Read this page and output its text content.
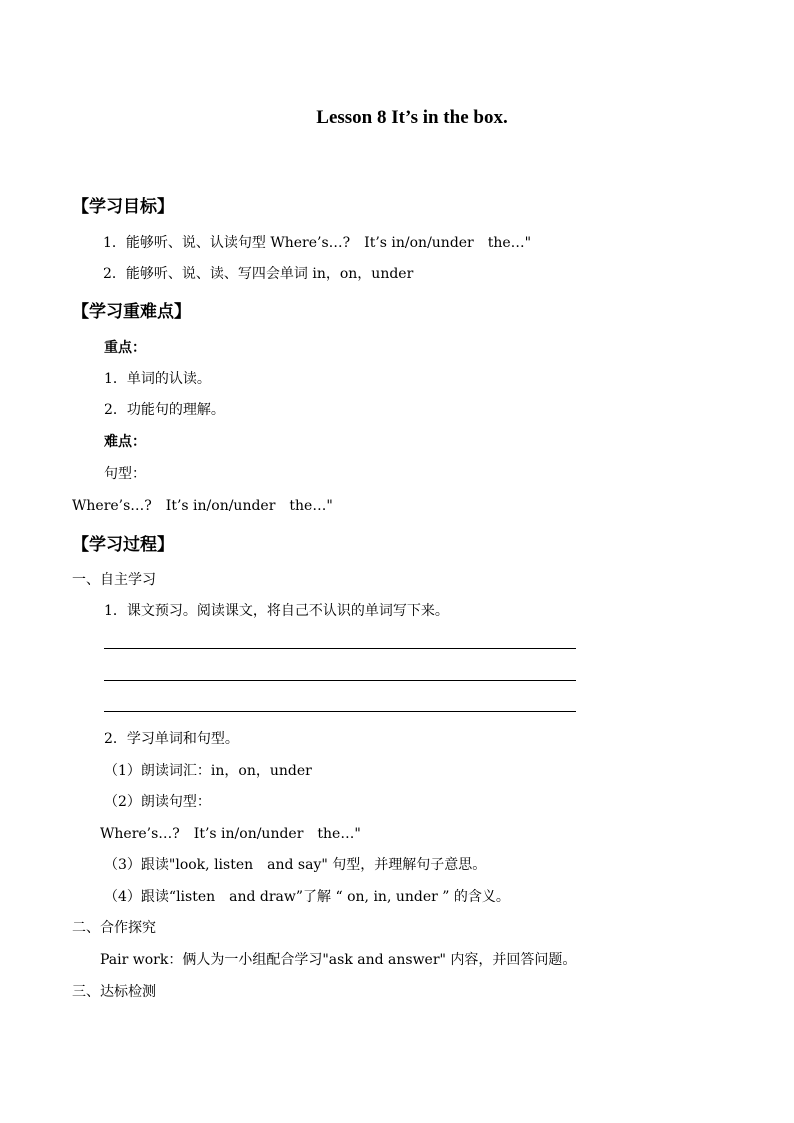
Lesson 8 It’s in the box.
【学习目标】
1．能够听、说、认读句型 Where’s…?　It’s in/on/under　the…"
2．能够听、说、读、写四会单词 in，on，under
【学习重难点】
重点：
1．单词的认读。
2．功能句的理解。
难点：
句型：
Where’s…?　It’s in/on/under　the…"
【学习过程】
一、自主学习
1．课文预习。阅读课文，将自己不认识的单词写下来。
2．学习单词和句型。
（1）朗读词汇：in，on，under
（2）朗读句型：
Where’s…?　It’s in/on/under　the…"
（3）跟读"look, listen　and say" 句型，并理解句子意思。
（4）跟读“listen　and draw”了解 “ on, in, under ” 的含义。
二、合作探究
Pair work：俩人为一小组配合学习"ask and answer" 内容，并回答问题。
三、达标检测
